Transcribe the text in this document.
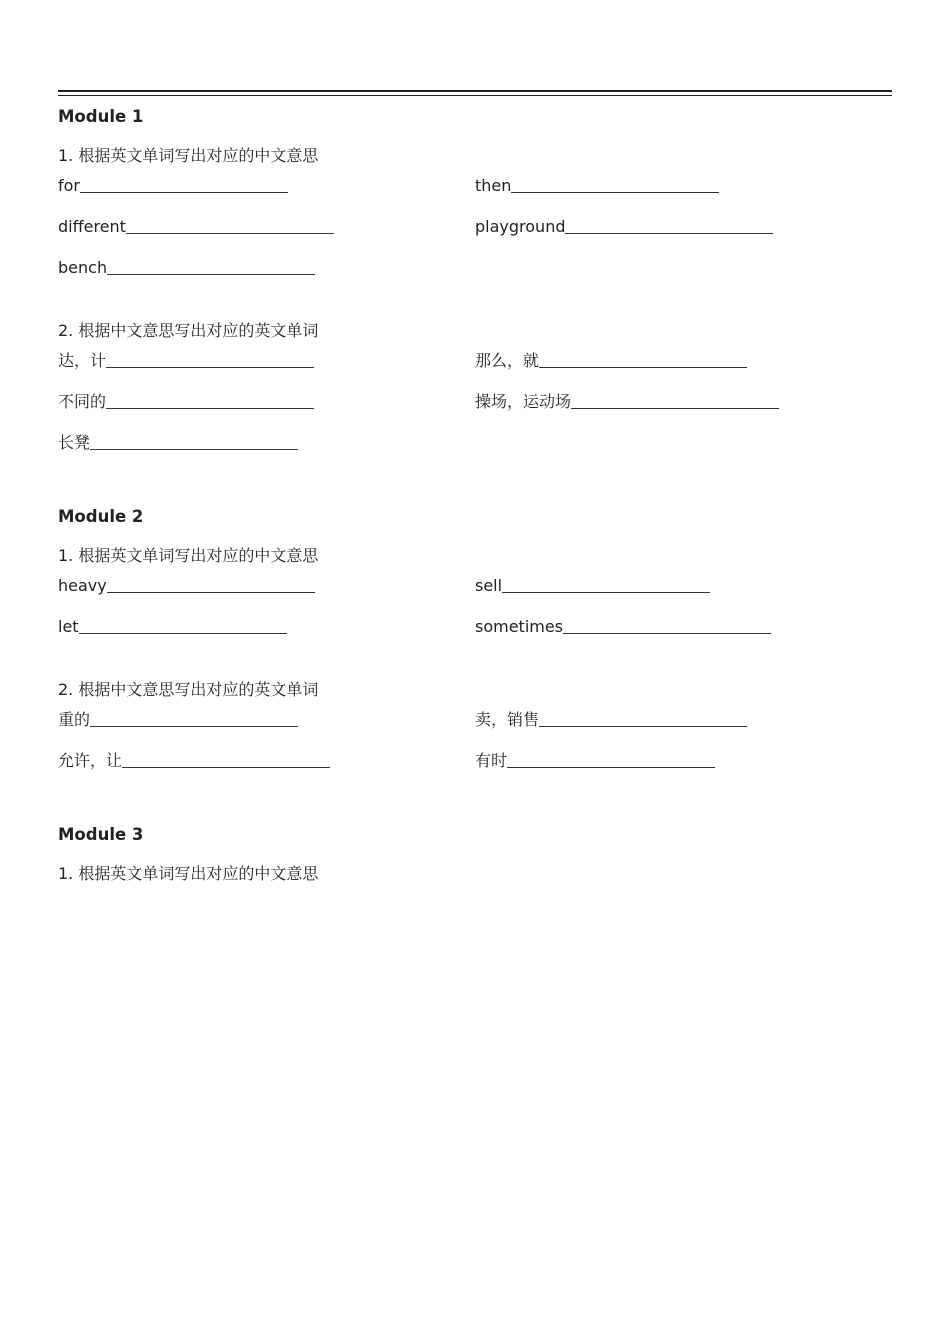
Module 1
1. 根据英文单词写出对应的中文意思
for	then
different	playground
bench
2. 根据中文意思写出对应的英文单词
达，计	那么，就
不同的	操场，运动场
长凳
Module 2
1. 根据英文单词写出对应的中文意思
heavy	sell
let	sometimes
2. 根据中文意思写出对应的英文单词
重的	卖，销售
允许，让	有时
Module 3
1. 根据英文单词写出对应的中文意思
